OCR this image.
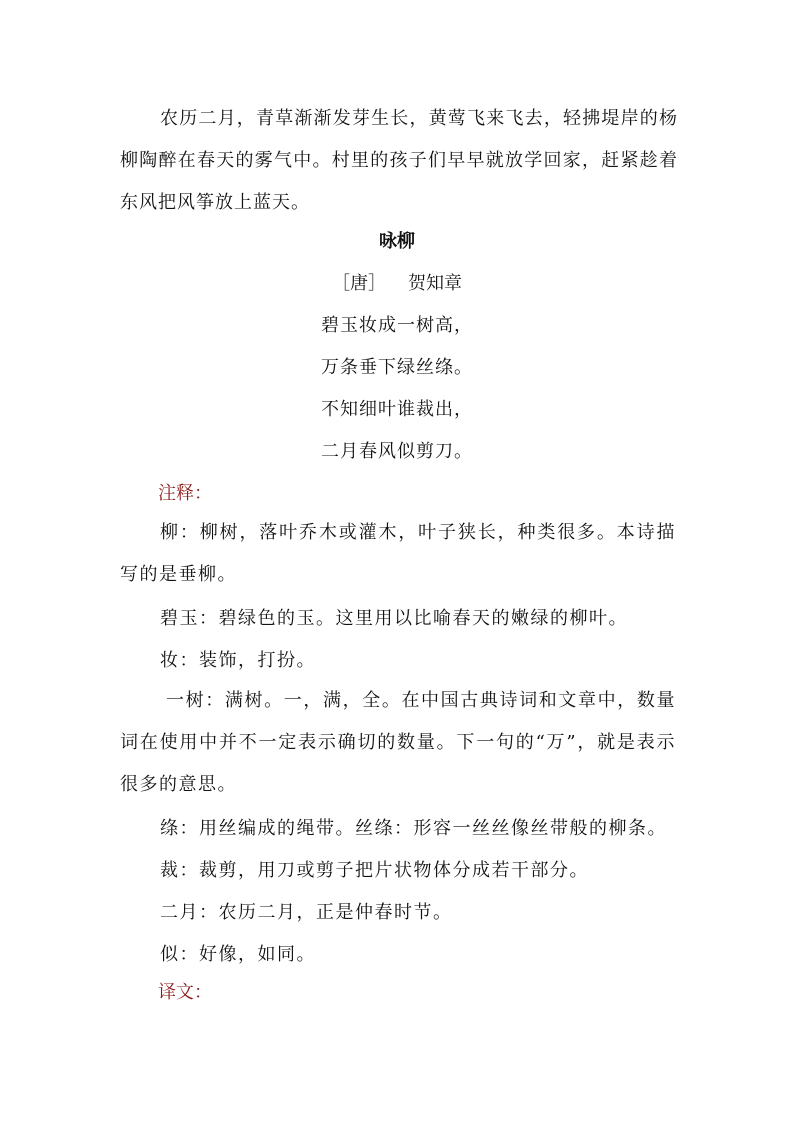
农历二月，青草渐渐发芽生长，黄莺飞来飞去，轻拂堤岸的杨柳陶醉在春天的雾气中。村里的孩子们早早就放学回家，赶紧趁着东风把风筝放上蓝天。

咏柳

［唐］ 贺知章

碧玉妆成一树高，

万条垂下绿丝绦。

不知细叶谁裁出，

二月春风似剪刀。

注释：

柳：柳树，落叶乔木或灌木，叶子狭长，种类很多。本诗描写的是垂柳。

碧玉：碧绿色的玉。这里用以比喻春天的嫩绿的柳叶。

妆：装饰，打扮。

一树：满树。一，满，全。在中国古典诗词和文章中，数量词在使用中并不一定表示确切的数量。下一句的“万”，就是表示很多的意思。

绦：用丝编成的绳带。丝绦：形容一丝丝像丝带般的柳条。

裁：裁剪，用刀或剪子把片状物体分成若干部分。

二月：农历二月，正是仲春时节。

似：好像，如同。

译文：
